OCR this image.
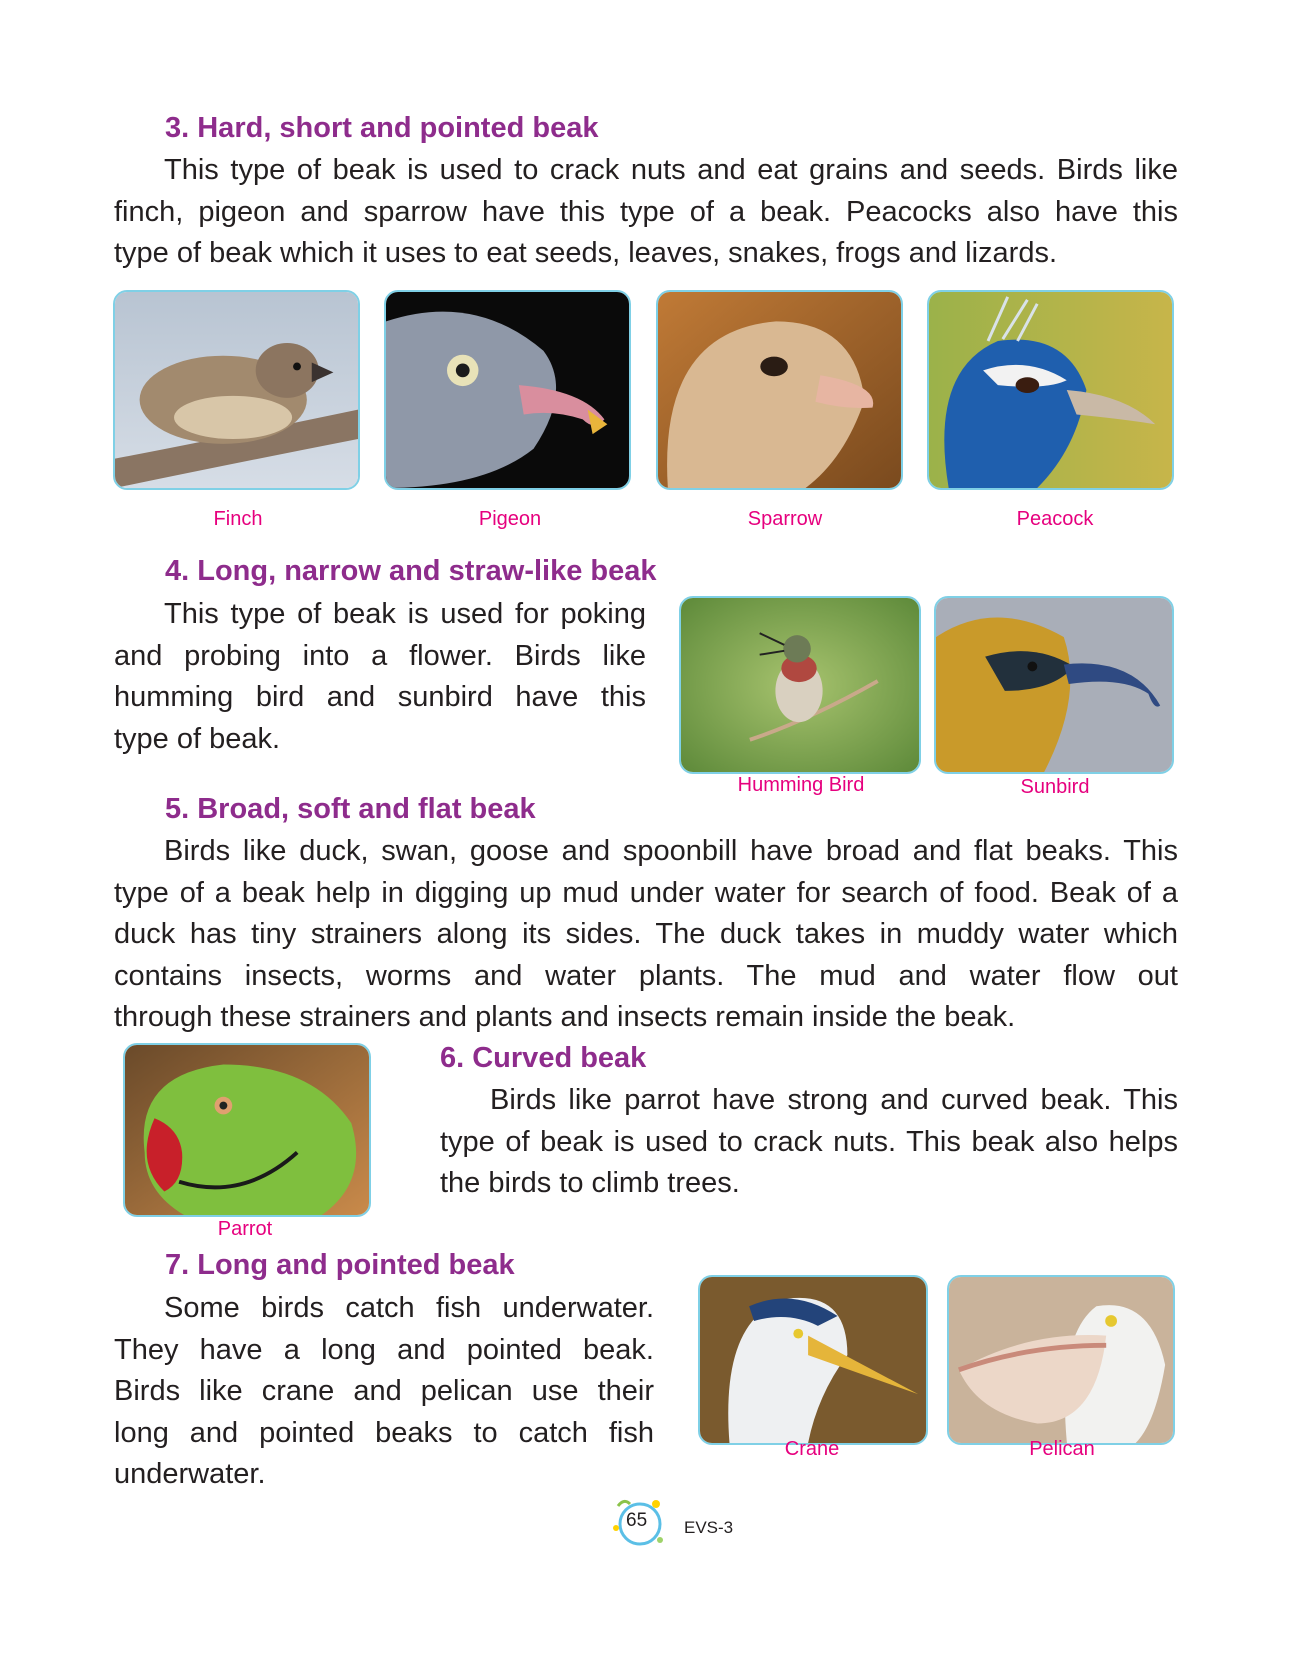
3. Hard, short and pointed beak
This type of beak is used to crack nuts and eat grains and seeds. Birds like
finch, pigeon and sparrow have this type of a beak. Peacocks also have this
type of beak which it uses to eat seeds, leaves, snakes, frogs and lizards.
Finch	Pigeon	Sparrow	Peacock
4. Long, narrow and straw-like beak
This type of beak is used for poking
and probing into a flower. Birds like
humming bird and sunbird have this
type of beak.
Humming Bird	Sunbird
5. Broad, soft and flat beak
Birds like duck, swan, goose and spoonbill have broad and flat beaks. This
type of a beak help in digging up mud under water for search of food. Beak of a
duck has tiny strainers along its sides. The duck takes in muddy water which
contains insects, worms and water plants. The mud and water flow out
through these strainers and plants and insects remain inside the beak.
Parrot
6. Curved beak
Birds like parrot have strong and curved beak. This
type of beak is used to crack nuts. This beak also helps
the birds to climb trees.
7. Long and pointed beak
Some birds catch fish underwater.
They have a long and pointed beak.
Birds like crane and pelican use their
long and pointed beaks to catch fish
underwater.
Crane	Pelican
65 EVS-3
